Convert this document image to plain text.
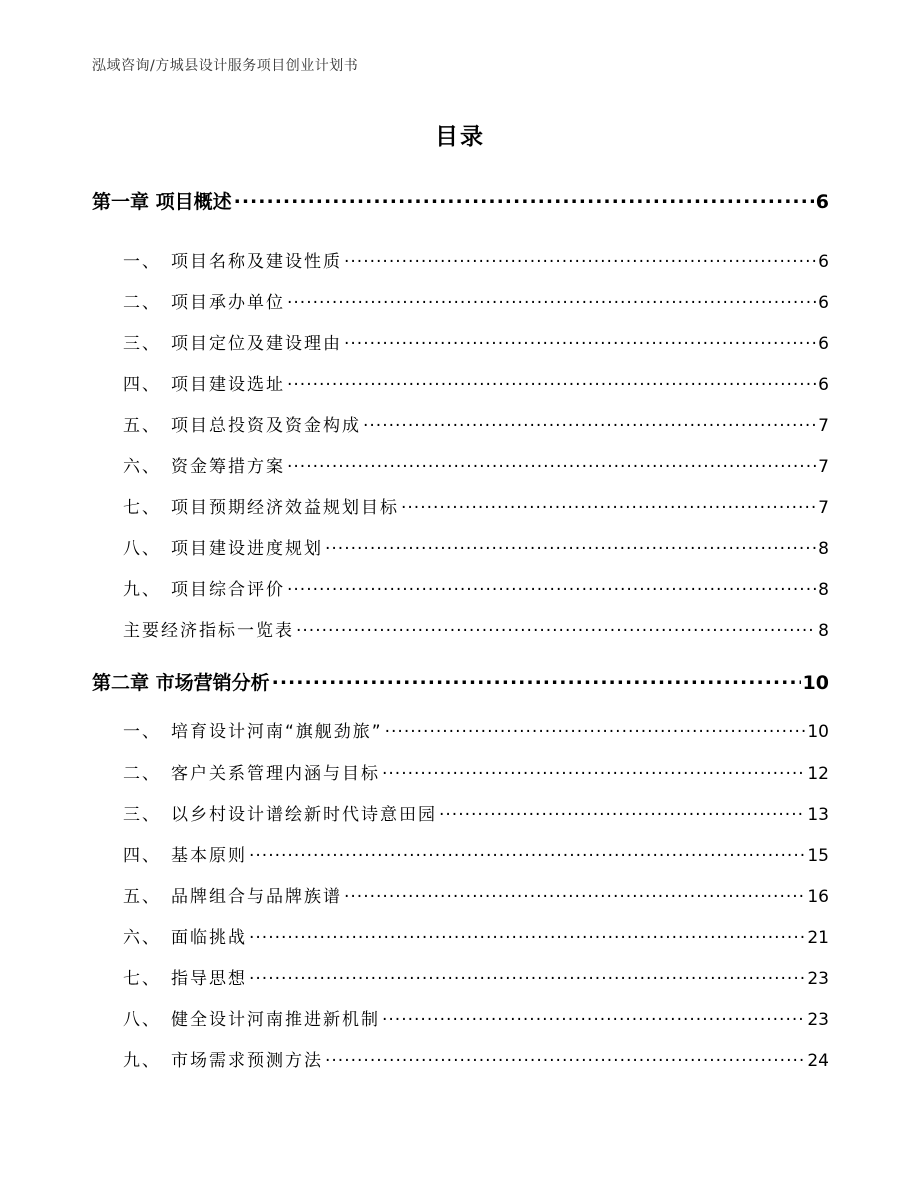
泓域咨询/方城县设计服务项目创业计划书
目录
第一章 项目概述 .....	6
一、 项目名称及建设性质 .....	6
二、 项目承办单位 .....	6
三、 项目定位及建设理由 .....	6
四、 项目建设选址 .....	6
五、 项目总投资及资金构成 .....	7
六、 资金筹措方案 .....	7
七、 项目预期经济效益规划目标 .....	7
八、 项目建设进度规划 .....	8
九、 项目综合评价 .....	8
主要经济指标一览表 .....	8
第二章 市场营销分析 .....	10
一、 培育设计河南“旗舰劲旅” .....	10
二、 客户关系管理内涵与目标 .....	12
三、 以乡村设计谱绘新时代诗意田园 .....	13
四、 基本原则 .....	15
五、 品牌组合与品牌族谱 .....	16
六、 面临挑战 .....	21
七、 指导思想 .....	23
八、 健全设计河南推进新机制 .....	23
九、 市场需求预测方法 .....	24
